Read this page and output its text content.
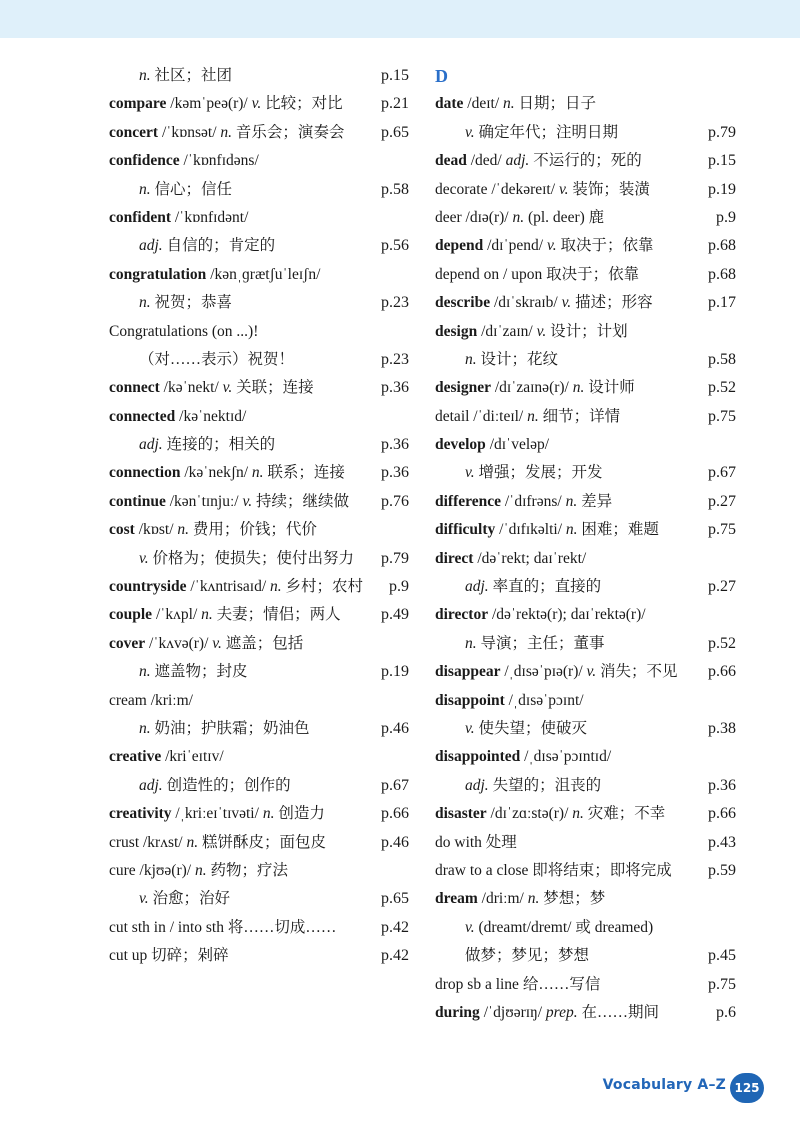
n. 社区；社团	p.15
compare /kəmˈpeə(r)/ v. 比较；对比 p.21
concert /ˈkɒnsət/ n. 音乐会；演奏会 p.65
confidence /ˈkɒnfɪdəns/
n. 信心；信任	p.58
confident /ˈkɒnfɪdənt/
adj. 自信的；肯定的	p.56
congratulation /kənˌɡrætʃuˈleɪʃn/
n. 祝贺；恭喜	p.23
Congratulations (on ...)!
（对……表示）祝贺！	p.23
connect /kəˈnekt/ v. 关联；连接	p.36
connected /kəˈnektɪd/
adj. 连接的；相关的	p.36
connection /kəˈnekʃn/ n. 联系；连接 p.36
continue /kənˈtɪnjuː/ v. 持续；继续做 p.76
cost /kɒst/ n. 费用；价钱；代价
v. 价格为；使损失；使付出努力 p.79
countryside /ˈkʌntrisaɪd/ n. 乡村；农村 p.9
couple /ˈkʌpl/ n. 夫妻；情侣；两人	p.49
cover /ˈkʌvə(r)/ v. 遮盖；包括
n. 遮盖物；封皮	p.19
cream /kriːm/
n. 奶油；护肤霜；奶油色	p.46
creative /kriˈeɪtɪv/
adj. 创造性的；创作的	p.67
creativity /ˌkriːeɪˈtɪvəti/ n. 创造力	p.66
crust /krʌst/ n. 糕饼酥皮；面包皮	p.46
cure /kjʊə(r)/ n. 药物；疗法
v. 治愈；治好	p.65
cut sth in / into sth 将……切成……	p.42
cut up 切碎；剁碎	p.42
D
date /deɪt/ n. 日期；日子
v. 确定年代；注明日期	p.79
dead /ded/ adj. 不运行的；死的	p.15
decorate /ˈdekəreɪt/ v. 装饰；装潢	p.19
deer /dɪə(r)/ n. (pl. deer) 鹿	p.9
depend /dɪˈpend/ v. 取决于；依靠	p.68
depend on / upon 取决于；依靠	p.68
describe /dɪˈskraɪb/ v. 描述；形容	p.17
design /dɪˈzaɪn/ v. 设计；计划
n. 设计；花纹	p.58
designer /dɪˈzaɪnə(r)/ n. 设计师	p.52
detail /ˈdiːteɪl/ n. 细节；详情	p.75
develop /dɪˈveləp/
v. 增强；发展；开发	p.67
difference /ˈdɪfrəns/ n. 差异	p.27
difficulty /ˈdɪfɪkəlti/ n. 困难；难题	p.75
direct /dəˈrekt; daɪˈrekt/
adj. 率直的；直接的	p.27
director /dəˈrektə(r); daɪˈrektə(r)/
n. 导演；主任；董事	p.52
disappear /ˌdɪsəˈpɪə(r)/ v. 消失；不见 p.66
disappoint /ˌdɪsəˈpɔɪnt/
v. 使失望；使破灭	p.38
disappointed /ˌdɪsəˈpɔɪntɪd/
adj. 失望的；沮丧的	p.36
disaster /dɪˈzɑːstə(r)/ n. 灾难；不幸	p.66
do with 处理	p.43
draw to a close 即将结束；即将完成 p.59
dream /driːm/ n. 梦想；梦
v. (dreamt/dremt/ 或 dreamed)
做梦；梦见；梦想	p.45
drop sb a line 给……写信	p.75
during /ˈdjʊərɪŋ/ prep. 在……期间	p.6
Vocabulary A–Z 125
